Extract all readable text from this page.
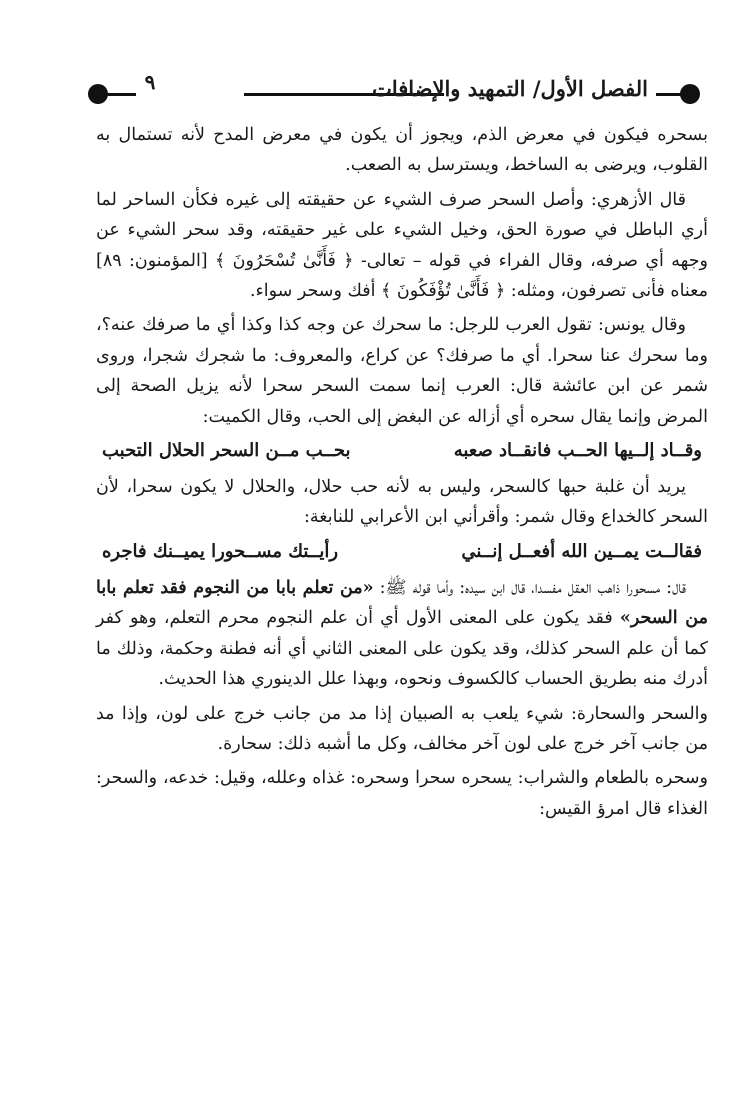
٩	الفصل الأول/ التمهيد والإضافات

بسحره فيكون في معرض الذم، ويجوز أن يكون في معرض المدح لأنه تستمال به القلوب، ويرضى به الساخط، ويسترسل به الصعب.

قال الأزهري: وأصل السحر صرف الشيء عن حقيقته إلى غيره فكأن الساحر لما أري الباطل في صورة الحق، وخيل الشيء على غير حقيقته، وقد سحر الشيء عن وجهه أي صرفه، وقال الفراء في قوله – تعالى- ﴿ فَأَنَّىٰ تُسْحَرُونَ ﴾ [المؤمنون: ٨٩] معناه فأنى تصرفون، ومثله: ﴿ فَأَنَّىٰ تُؤْفَكُونَ ﴾ أفك وسحر سواء.

وقال يونس: تقول العرب للرجل: ما سحرك عن وجه كذا وكذا أي ما صرفك عنه؟، وما سحرك عنا سحرا. أي ما صرفك؟ عن كراع، والمعروف: ما شجرك شجرا، وروى شمر عن ابن عائشة قال: العرب إنما سمت السحر سحرا لأنه يزيل الصحة إلى المرض وإنما يقال سحره أي أزاله عن البغض إلى الحب، وقال الكميت:

وقــاد إلــيها الحــب فانقــاد صعبه
بحــب مــن السحر الحلال التحبب

يريد أن غلبة حبها كالسحر، وليس به لأنه حب حلال، والحلال لا يكون سحرا، لأن السحر كالخداع وقال شمر: وأقرأني ابن الأعرابي للنابغة:

فقالــت يمــين الله أفعــل إنــني
رأيــتك مســحورا يميــنك فاجره

قال: مسحورا ذاهب العقل مفسدا، قال ابن سيده: وأما قوله ﷺ: «من تعلم بابا من النجوم فقد تعلم بابا من السحر» فقد يكون على المعنى الأول أي أن علم النجوم محرم التعلم، وهو كفر كما أن علم السحر كذلك، وقد يكون على المعنى الثاني أي أنه فطنة وحكمة، وذلك ما أدرك منه بطريق الحساب كالكسوف ونحوه، وبهذا علل الدينوري هذا الحديث.

والسحر والسحارة: شيء يلعب به الصبيان إذا مد من جانب خرج على لون، وإذا مد من جانب آخر خرج على لون آخر مخالف، وكل ما أشبه ذلك: سحارة.

وسحره بالطعام والشراب: يسحره سحرا وسحره: غذاه وعلله، وقيل: خدعه، والسحر: الغذاء قال امرؤ القيس:
